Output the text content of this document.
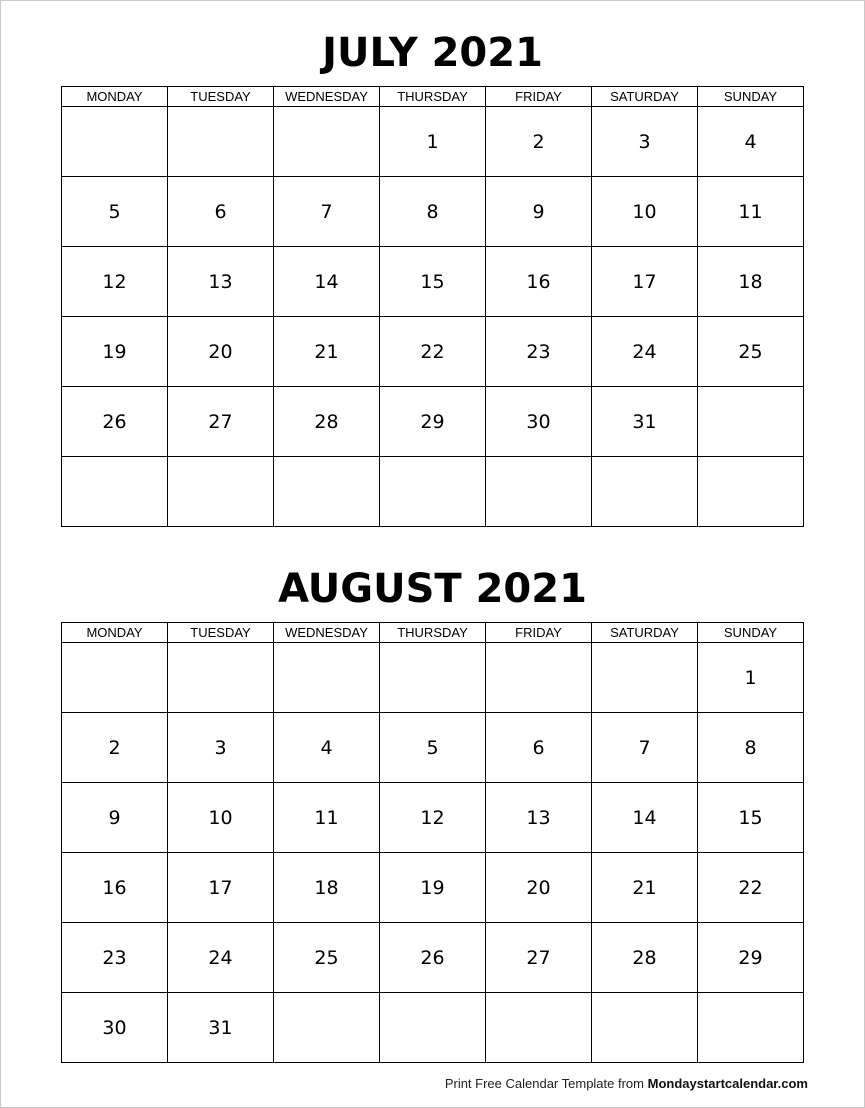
JULY 2021
MONDAY	TUESDAY	WEDNESDAY	THURSDAY	FRIDAY	SATURDAY	SUNDAY
			1	2	3	4
5	6	7	8	9	10	11
12	13	14	15	16	17	18
19	20	21	22	23	24	25
26	27	28	29	30	31	

AUGUST 2021
MONDAY	TUESDAY	WEDNESDAY	THURSDAY	FRIDAY	SATURDAY	SUNDAY
						1
2	3	4	5	6	7	8
9	10	11	12	13	14	15
16	17	18	19	20	21	22
23	24	25	26	27	28	29
30	31					
Print Free Calendar Template from Mondaystartcalendar.com
